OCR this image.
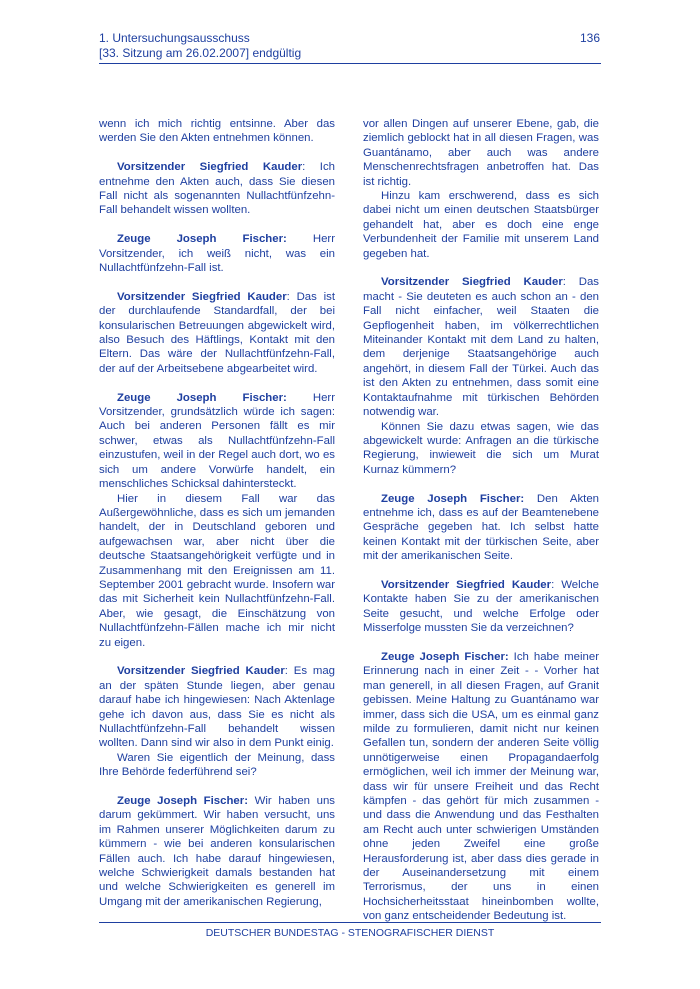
1. Untersuchungsausschuss
[33. Sitzung am 26.02.2007] endgültig
136

wenn ich mich richtig entsinne. Aber das werden Sie den Akten entnehmen können.

Vorsitzender Siegfried Kauder: Ich entnehme den Akten auch, dass Sie diesen Fall nicht als sogenannten Nullachtfünfzehn-Fall behandelt wissen wollten.

Zeuge Joseph Fischer: Herr Vorsitzender, ich weiß nicht, was ein Nullachtfünfzehn-Fall ist.

Vorsitzender Siegfried Kauder: Das ist der durchlaufende Standardfall, der bei konsularischen Betreuungen abgewickelt wird, also Besuch des Häftlings, Kontakt mit den Eltern. Das wäre der Nullachtfünfzehn-Fall, der auf der Arbeitsebene abgearbeitet wird.

Zeuge Joseph Fischer: Herr Vorsitzender, grundsätzlich würde ich sagen: Auch bei anderen Personen fällt es mir schwer, etwas als Nullachtfünfzehn-Fall einzustufen, weil in der Regel auch dort, wo es sich um andere Vorwürfe handelt, ein menschliches Schicksal dahintersteckt.

Hier in diesem Fall war das Außergewöhnliche, dass es sich um jemanden handelt, der in Deutschland geboren und aufgewachsen war, aber nicht über die deutsche Staatsangehörigkeit verfügte und in Zusammenhang mit den Ereignissen am 11. September 2001 gebracht wurde. Insofern war das mit Sicherheit kein Nullachtfünfzehn-Fall. Aber, wie gesagt, die Einschätzung von Nullachtfünfzehn-Fällen mache ich mir nicht zu eigen.

Vorsitzender Siegfried Kauder: Es mag an der späten Stunde liegen, aber genau darauf habe ich hingewiesen: Nach Aktenlage gehe ich davon aus, dass Sie es nicht als Nullachtfünfzehn-Fall behandelt wissen wollten. Dann sind wir also in dem Punkt einig.

Waren Sie eigentlich der Meinung, dass Ihre Behörde federführend sei?

Zeuge Joseph Fischer: Wir haben uns darum gekümmert. Wir haben versucht, uns im Rahmen unserer Möglichkeiten darum zu kümmern - wie bei anderen konsularischen Fällen auch. Ich habe darauf hingewiesen, welche Schwierigkeit damals bestanden hat und welche Schwierigkeiten es generell im Umgang mit der amerikanischen Regierung,

vor allen Dingen auf unserer Ebene, gab, die ziemlich geblockt hat in all diesen Fragen, was Guantánamo, aber auch was andere Menschenrechtsfragen anbetroffen hat. Das ist richtig.

Hinzu kam erschwerend, dass es sich dabei nicht um einen deutschen Staatsbürger gehandelt hat, aber es doch eine enge Verbundenheit der Familie mit unserem Land gegeben hat.

Vorsitzender Siegfried Kauder: Das macht - Sie deuteten es auch schon an - den Fall nicht einfacher, weil Staaten die Gepflogenheit haben, im völkerrechtlichen Miteinander Kontakt mit dem Land zu halten, dem derjenige Staatsangehörige auch angehört, in diesem Fall der Türkei. Auch das ist den Akten zu entnehmen, dass somit eine Kontaktaufnahme mit türkischen Behörden notwendig war.

Können Sie dazu etwas sagen, wie das abgewickelt wurde: Anfragen an die türkische Regierung, inwieweit die sich um Murat Kurnaz kümmern?

Zeuge Joseph Fischer: Den Akten entnehme ich, dass es auf der Beamtenebene Gespräche gegeben hat. Ich selbst hatte keinen Kontakt mit der türkischen Seite, aber mit der amerikanischen Seite.

Vorsitzender Siegfried Kauder: Welche Kontakte haben Sie zu der amerikanischen Seite gesucht, und welche Erfolge oder Misserfolge mussten Sie da verzeichnen?

Zeuge Joseph Fischer: Ich habe meiner Erinnerung nach in einer Zeit - - Vorher hat man generell, in all diesen Fragen, auf Granit gebissen. Meine Haltung zu Guantánamo war immer, dass sich die USA, um es einmal ganz milde zu formulieren, damit nicht nur keinen Gefallen tun, sondern der anderen Seite völlig unnötigerweise einen Propagandaerfolg ermöglichen, weil ich immer der Meinung war, dass wir für unsere Freiheit und das Recht kämpfen - das gehört für mich zusammen - und dass die Anwendung und das Festhalten am Recht auch unter schwierigen Umständen ohne jeden Zweifel eine große Herausforderung ist, aber dass dies gerade in der Auseinandersetzung mit einem Terrorismus, der uns in einen Hochsicherheitsstaat hineinbomben wollte, von ganz entscheidender Bedeutung ist.

DEUTSCHER BUNDESTAG - STENOGRAFISCHER DIENST
